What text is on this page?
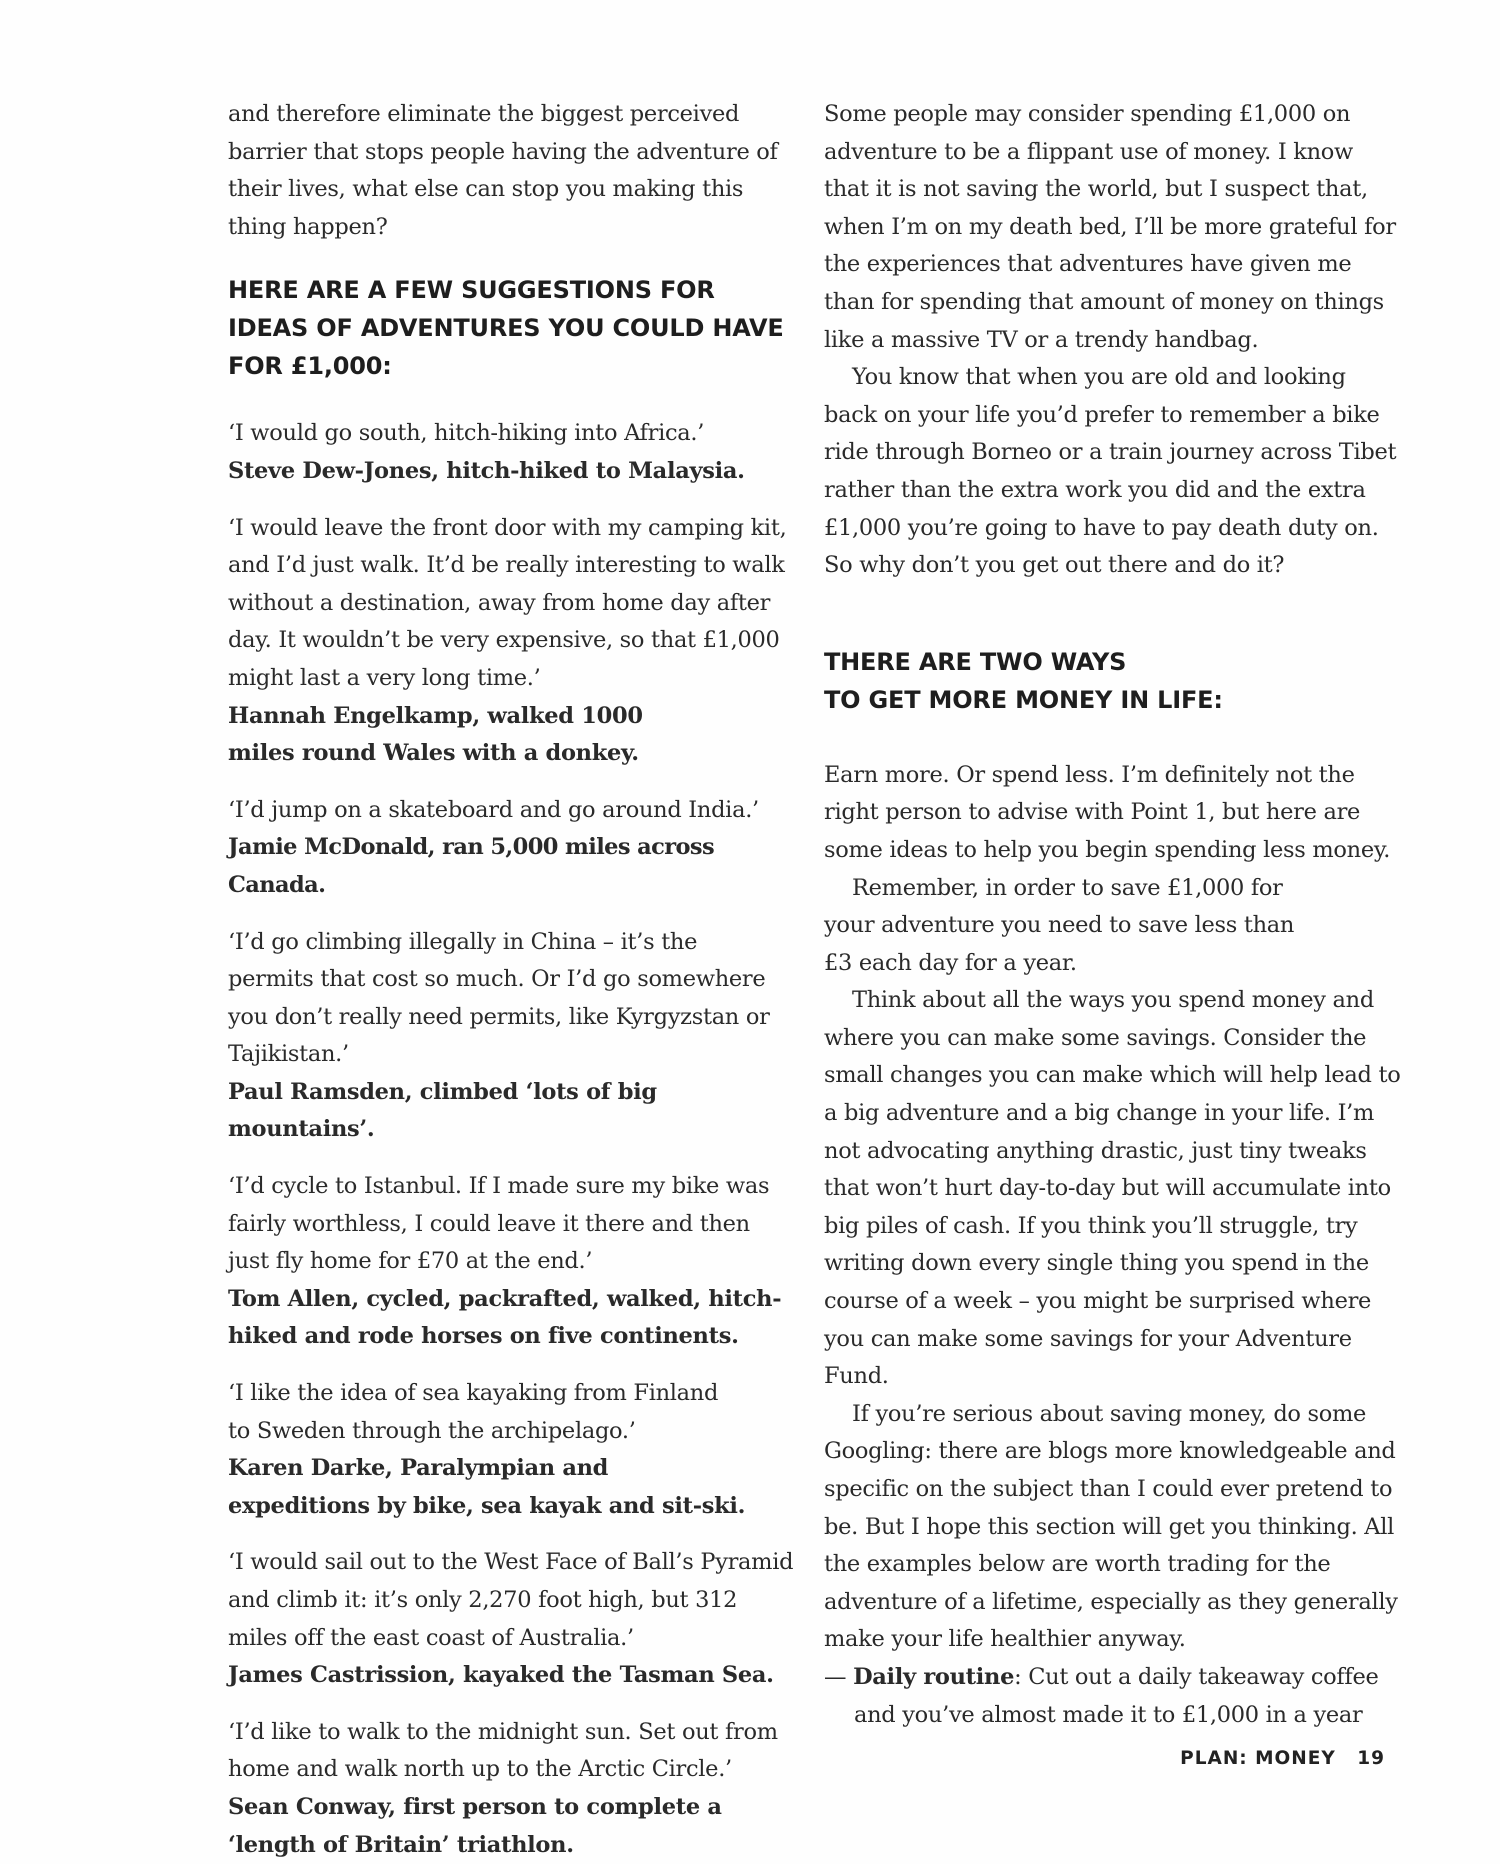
and therefore eliminate the biggest perceived barrier that stops people having the adventure of their lives, what else can stop you making this thing happen?

HERE ARE A FEW SUGGESTIONS FOR IDEAS OF ADVENTURES YOU COULD HAVE FOR £1,000:

‘I would go south, hitch-hiking into Africa.’

Steve Dew-Jones, hitch-hiked to Malaysia.

‘I would leave the front door with my camping kit, and I’d just walk. It’d be really interesting to walk without a destination, away from home day after day. It wouldn’t be very expensive, so that £1,000 might last a very long time.’

Hannah Engelkamp, walked 1000 miles round Wales with a donkey.

‘I’d jump on a skateboard and go around India.’

Jamie McDonald, ran 5,000 miles across Canada.

‘I’d go climbing illegally in China – it’s the permits that cost so much. Or I’d go somewhere you don’t really need permits, like Kyrgyzstan or Tajikistan.’

Paul Ramsden, climbed ‘lots of big mountains’.

‘I’d cycle to Istanbul. If I made sure my bike was fairly worthless, I could leave it there and then just fly home for £70 at the end.’

Tom Allen, cycled, packrafted, walked, hitch-hiked and rode horses on five continents.

‘I like the idea of sea kayaking from Finland to Sweden through the archipelago.’

Karen Darke, Paralympian and expeditions by bike, sea kayak and sit-ski.

‘I would sail out to the West Face of Ball’s Pyramid and climb it: it’s only 2,270 foot high, but 312 miles off the east coast of Australia.’

James Castrission, kayaked the Tasman Sea.

‘I’d like to walk to the midnight sun. Set out from home and walk north up to the Arctic Circle.’

Sean Conway, first person to complete a ‘length of Britain’ triathlon.

Some people may consider spending £1,000 on adventure to be a flippant use of money. I know that it is not saving the world, but I suspect that, when I’m on my death bed, I’ll be more grateful for the experiences that adventures have given me than for spending that amount of money on things like a massive TV or a trendy handbag.

You know that when you are old and looking back on your life you’d prefer to remember a bike ride through Borneo or a train journey across Tibet rather than the extra work you did and the extra £1,000 you’re going to have to pay death duty on. So why don’t you get out there and do it?

THERE ARE TWO WAYS
TO GET MORE MONEY IN LIFE:

Earn more. Or spend less. I’m definitely not the right person to advise with Point 1, but here are some ideas to help you begin spending less money.

Remember, in order to save £1,000 for your adventure you need to save less than £3 each day for a year.

Think about all the ways you spend money and where you can make some savings. Consider the small changes you can make which will help lead to a big adventure and a big change in your life. I’m not advocating anything drastic, just tiny tweaks that won’t hurt day-to-day but will accumulate into big piles of cash. If you think you’ll struggle, try writing down every single thing you spend in the course of a week – you might be surprised where you can make some savings for your Adventure Fund.

If you’re serious about saving money, do some Googling: there are blogs more knowledgeable and specific on the subject than I could ever pretend to be. But I hope this section will get you thinking. All the examples below are worth trading for the adventure of a lifetime, especially as they generally make your life healthier anyway.

— Daily routine: Cut out a daily takeaway coffee and you’ve almost made it to £1,000 in a year

PLAN: MONEY 19
